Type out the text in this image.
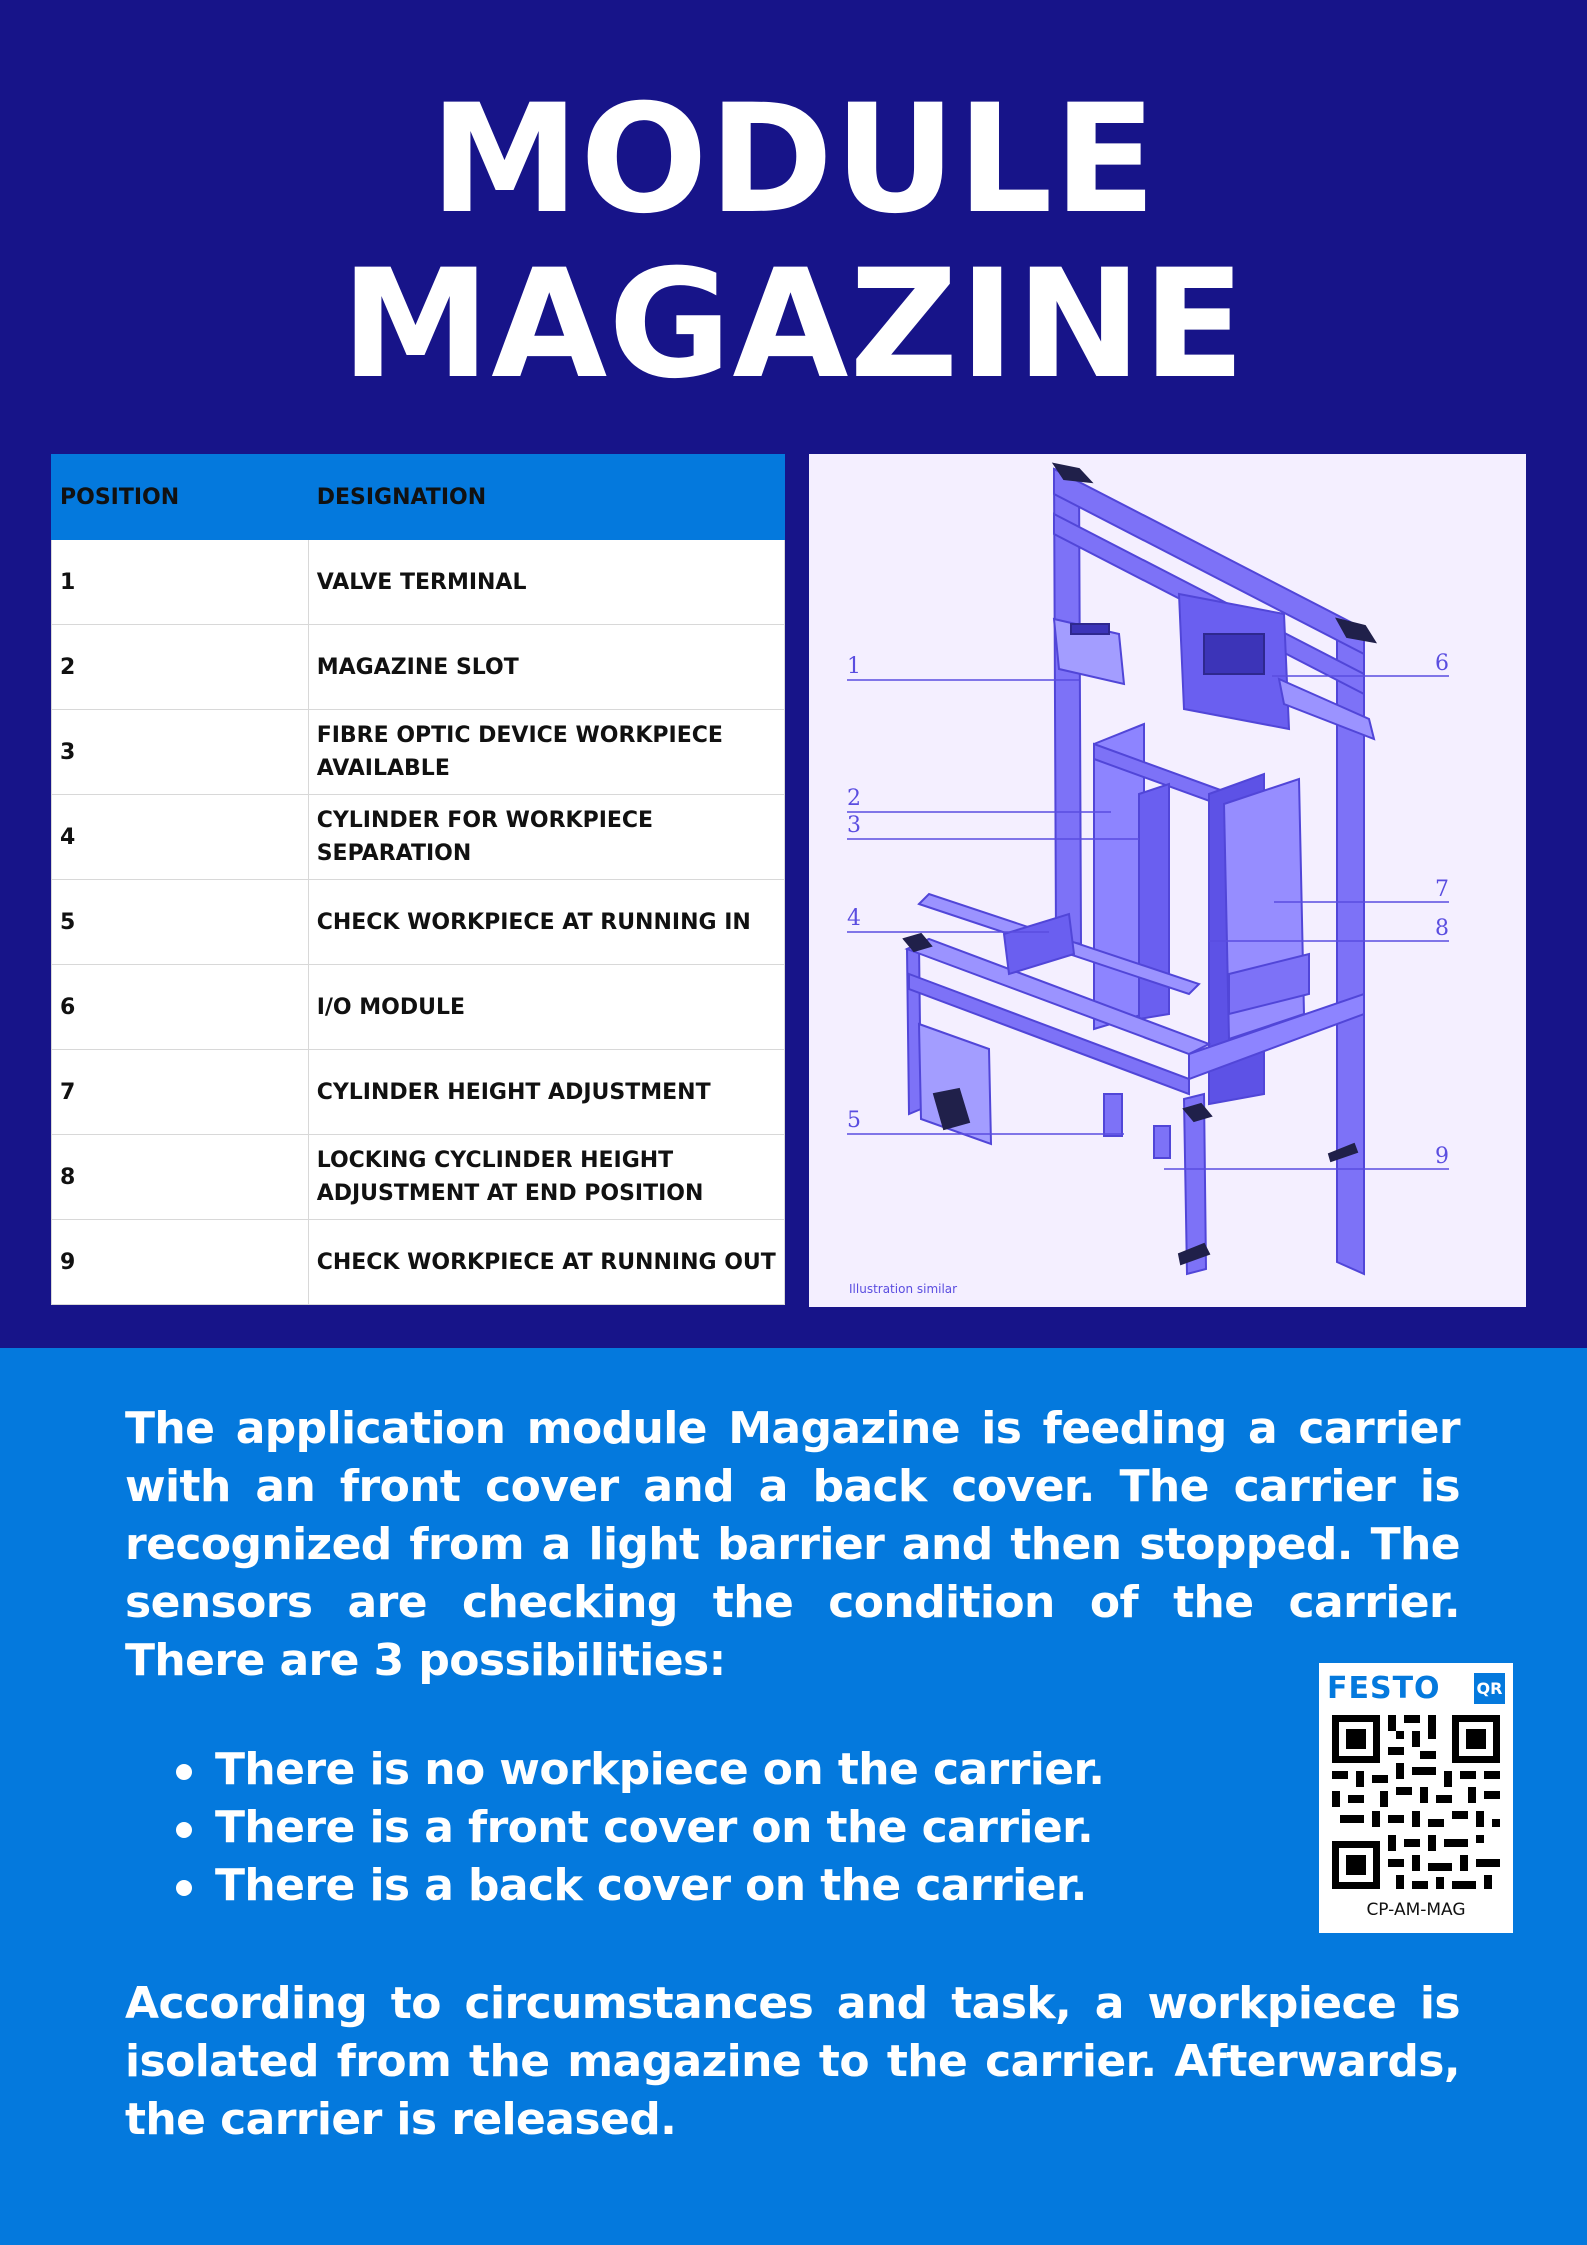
MODULE
MAGAZINE
POSITION	DESIGNATION
1	VALVE TERMINAL
2	MAGAZINE SLOT
3	FIBRE OPTIC DEVICE WORKPIECE AVAILABLE
4	CYLINDER FOR WORKPIECE SEPARATION
5	CHECK WORKPIECE AT RUNNING IN
6	I/O MODULE
7	CYLINDER HEIGHT ADJUSTMENT
8	LOCKING CYCLINDER HEIGHT ADJUSTMENT AT END POSITION
9	CHECK WORKPIECE AT RUNNING OUT
1
2
3
4
5
6
7
8
9
Illustration similar

The application module Magazine is feeding a carrier with an front cover and a back cover. The carrier is recognized from a light barrier and then stopped. The sensors are checking the condition of the carrier. There are 3 possibilities:

There is no workpiece on the carrier.
There is a front cover on the carrier.
There is a back cover on the carrier.

According to circumstances and task, a workpiece is isolated from the magazine to the carrier. Afterwards, the carrier is released.

FESTO QR
CP-AM-MAG
